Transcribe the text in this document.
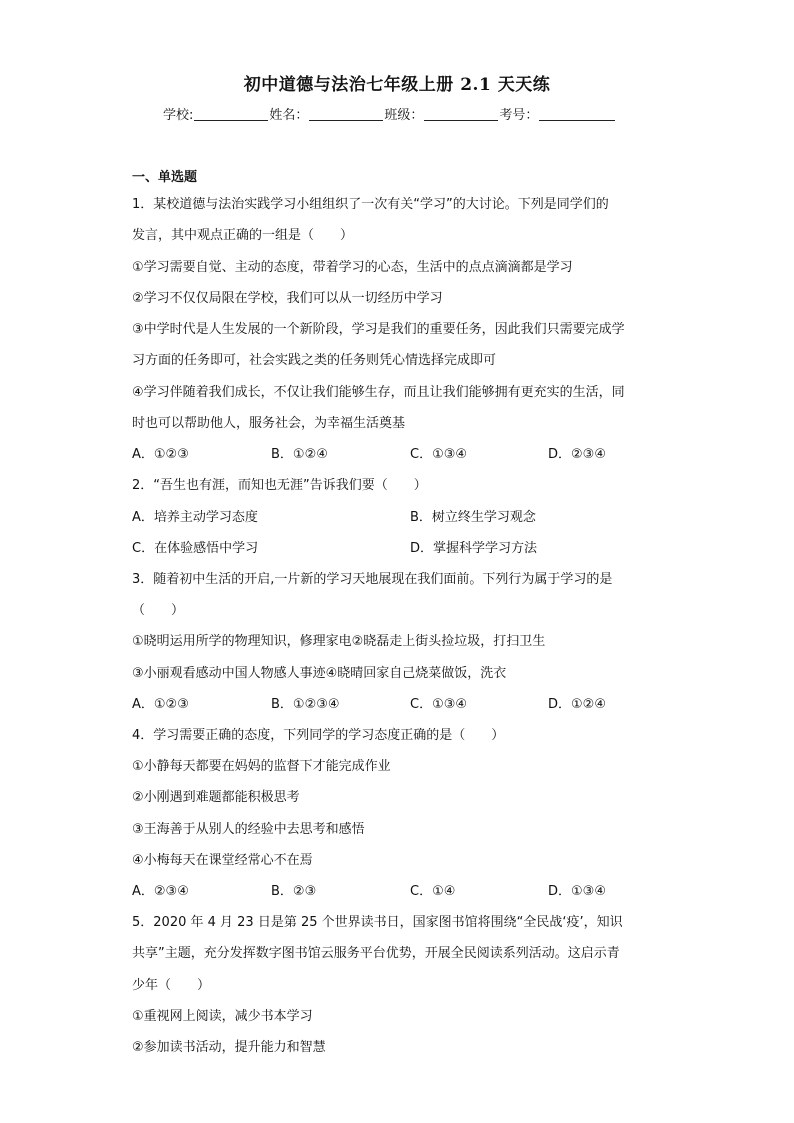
初中道德与法治七年级上册 2.1 天天练
学校:	姓名：	班级：	考号：
一、单选题
1．某校道德与法治实践学习小组组织了一次有关“学习”的大讨论。下列是同学们的
发言，其中观点正确的一组是（　　）
①学习需要自觉、主动的态度，带着学习的心态，生活中的点点滴滴都是学习
②学习不仅仅局限在学校，我们可以从一切经历中学习
③中学时代是人生发展的一个新阶段，学习是我们的重要任务，因此我们只需要完成学
习方面的任务即可，社会实践之类的任务则凭心情选择完成即可
④学习伴随着我们成长，不仅让我们能够生存，而且让我们能够拥有更充实的生活，同
时也可以帮助他人，服务社会，为幸福生活奠基
A．①②③	B．①②④	C．①③④	D．②③④
2．“吾生也有涯，而知也无涯”告诉我们要（　　）
A．培养主动学习态度	B．树立终生学习观念
C．在体验感悟中学习	D．掌握科学学习方法
3．随着初中生活的开启,一片新的学习天地展现在我们面前。下列行为属于学习的是
（　　）
①晓明运用所学的物理知识，修理家电②晓磊走上街头捡垃圾，打扫卫生
③小丽观看感动中国人物感人事迹④晓晴回家自己烧菜做饭，洗衣
A．①②③	B．①②③④	C．①③④	D．①②④
4．学习需要正确的态度，下列同学的学习态度正确的是（　　）
①小静每天都要在妈妈的监督下才能完成作业
②小刚遇到难题都能积极思考
③王海善于从别人的经验中去思考和感悟
④小梅每天在课堂经常心不在焉
A．②③④	B．②③	C．①④	D．①③④
5．2020 年 4 月 23 日是第 25 个世界读书日，国家图书馆将围绕“全民战‘疫’，知识
共享”主题，充分发挥数字图书馆云服务平台优势，开展全民阅读系列活动。这启示青
少年（　　）
①重视网上阅读，减少书本学习
②参加读书活动，提升能力和智慧
